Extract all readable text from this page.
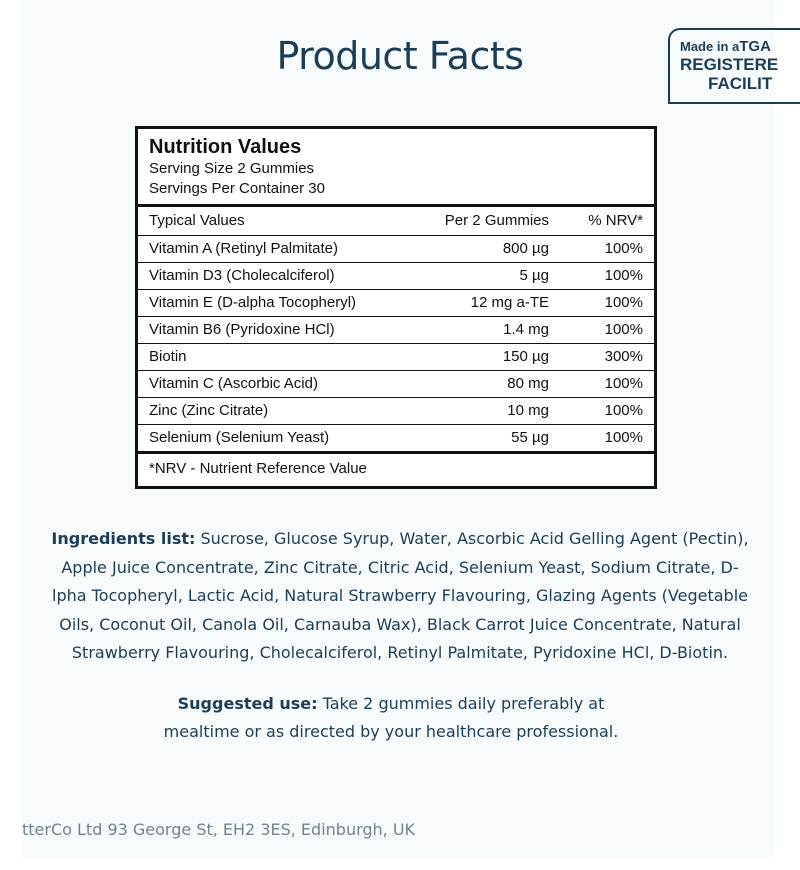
Product Facts	Made in aTGA
REGISTERE
FACILIT
Nutrition Values
Serving Size 2 Gummies
Servings Per Container 30
Typical Values	Per 2 Gummies	% NRV*
Vitamin A (Retinyl Palmitate)	800 µg	100%
Vitamin D3 (Cholecalciferol)	5 µg	100%
Vitamin E (D-alpha Tocopheryl)	12 mg a-TE	100%
Vitamin B6 (Pyridoxine HCl)	1.4 mg	100%
Biotin	150 µg	300%
Vitamin C (Ascorbic Acid)	80 mg	100%
Zinc (Zinc Citrate)	10 mg	100%
Selenium (Selenium Yeast)	55 µg	100%
*NRV - Nutrient Reference Value
Ingredients list: Sucrose, Glucose Syrup, Water, Ascorbic Acid Gelling Agent (Pectin),
Apple Juice Concentrate, Zinc Citrate, Citric Acid, Selenium Yeast, Sodium Citrate, D-
lpha Tocopheryl, Lactic Acid, Natural Strawberry Flavouring, Glazing Agents (Vegetable
Oils, Coconut Oil, Canola Oil, Carnauba Wax), Black Carrot Juice Concentrate, Natural
Strawberry Flavouring, Cholecalciferol, Retinyl Palmitate, Pyridoxine HCl, D-Biotin.
Suggested use: Take 2 gummies daily preferably at
mealtime or as directed by your healthcare professional.
tterCo Ltd 93 George St, EH2 3ES, Edinburgh, UK
